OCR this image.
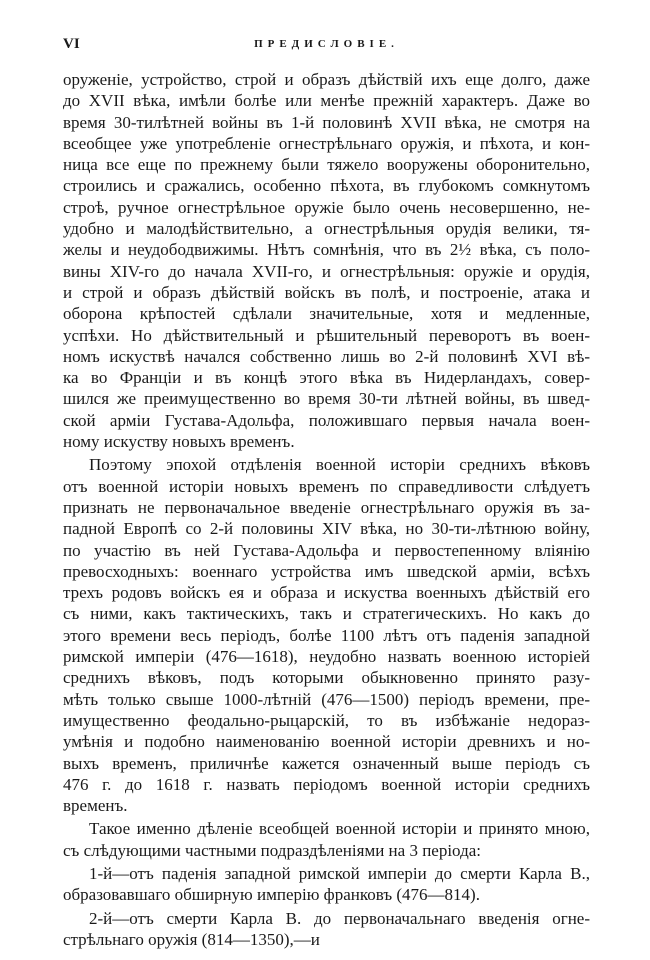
VI	ПРЕДИСЛОВІЕ.
оруженіе, устройство, строй и образъ дѣйствій ихъ еще долго, даже
до XVII вѣка, имѣли болѣе или менѣе прежній характеръ. Даже во
время 30-тилѣтней войны въ 1-й половинѣ XVII вѣка, не смотря на
всеобщее уже употребленіе огнестрѣльнаго оружія, и пѣхота, и кон-
ница все еще по прежнему были тяжело вооружены оборонительно,
строились и сражались, особенно пѣхота, въ глубокомъ сомкнутомъ
строѣ, ручное огнестрѣльное оружіе было очень несовершенно, не-
удобно и малодѣйствительно, а огнестрѣльныя орудія велики, тя-
желы и неудободвижимы. Нѣтъ сомнѣнія, что въ 2½ вѣка, съ поло-
вины XIV-го до начала XVII-го, и огнестрѣльныя: оружіе и орудія,
и строй и образъ дѣйствій войскъ въ полѣ, и построеніе, атака и
оборона крѣпостей сдѣлали значительные, хотя и медленные,
успѣхи. Но дѣйствительный и рѣшительный переворотъ въ воен-
номъ искуствѣ начался собственно лишь во 2-й половинѣ XVI вѣ-
ка во Франціи и въ концѣ этого вѣка въ Нидерландахъ, совер-
шился же преимущественно во время 30-ти лѣтней войны, въ швед-
ской арміи Густава-Адольфа, положившаго первыя начала воен-
ному искуству новыхъ временъ.
Поэтому эпохой отдѣленія военной исторіи среднихъ вѣковъ
отъ военной исторіи новыхъ временъ по справедливости слѣдуетъ
признать не первоначальное введеніе огнестрѣльнаго оружія въ за-
падной Европѣ со 2-й половины XIV вѣка, но 30-ти-лѣтнюю войну,
по участію въ ней Густава-Адольфа и первостепенному вліянію
превосходныхъ: военнаго устройства имъ шведской арміи, всѣхъ
трехъ родовъ войскъ ея и образа и искуства военныхъ дѣйствій его
съ ними, какъ тактическихъ, такъ и стратегическихъ. Но какъ до
этого времени весь періодъ, болѣе 1100 лѣтъ отъ паденія западной
римской имперіи (476—1618), неудобно назвать военною исторіей
среднихъ вѣковъ, подъ которыми обыкновенно принято разу-
мѣть только свыше 1000-лѣтній (476—1500) періодъ времени, пре-
имущественно феодально-рыцарскій, то въ избѣжаніе недораз-
умѣнія и подобно наименованію военной исторіи древнихъ и но-
выхъ временъ, приличнѣе кажется означенный выше періодъ съ
476 г. до 1618 г. назвать періодомъ военной исторіи среднихъ
временъ.
Такое именно дѣленіе всеобщей военной исторіи и принято мною,
съ слѣдующими частными подраздѣленіями на 3 періода:
1-й—отъ паденія западной римской имперіи до смерти Карла В.,
образовавшаго обширную имперію франковъ (476—814).
2-й—отъ смерти Карла В. до первоначальнаго введенія огне-
стрѣльнаго оружія (814—1350),—и
